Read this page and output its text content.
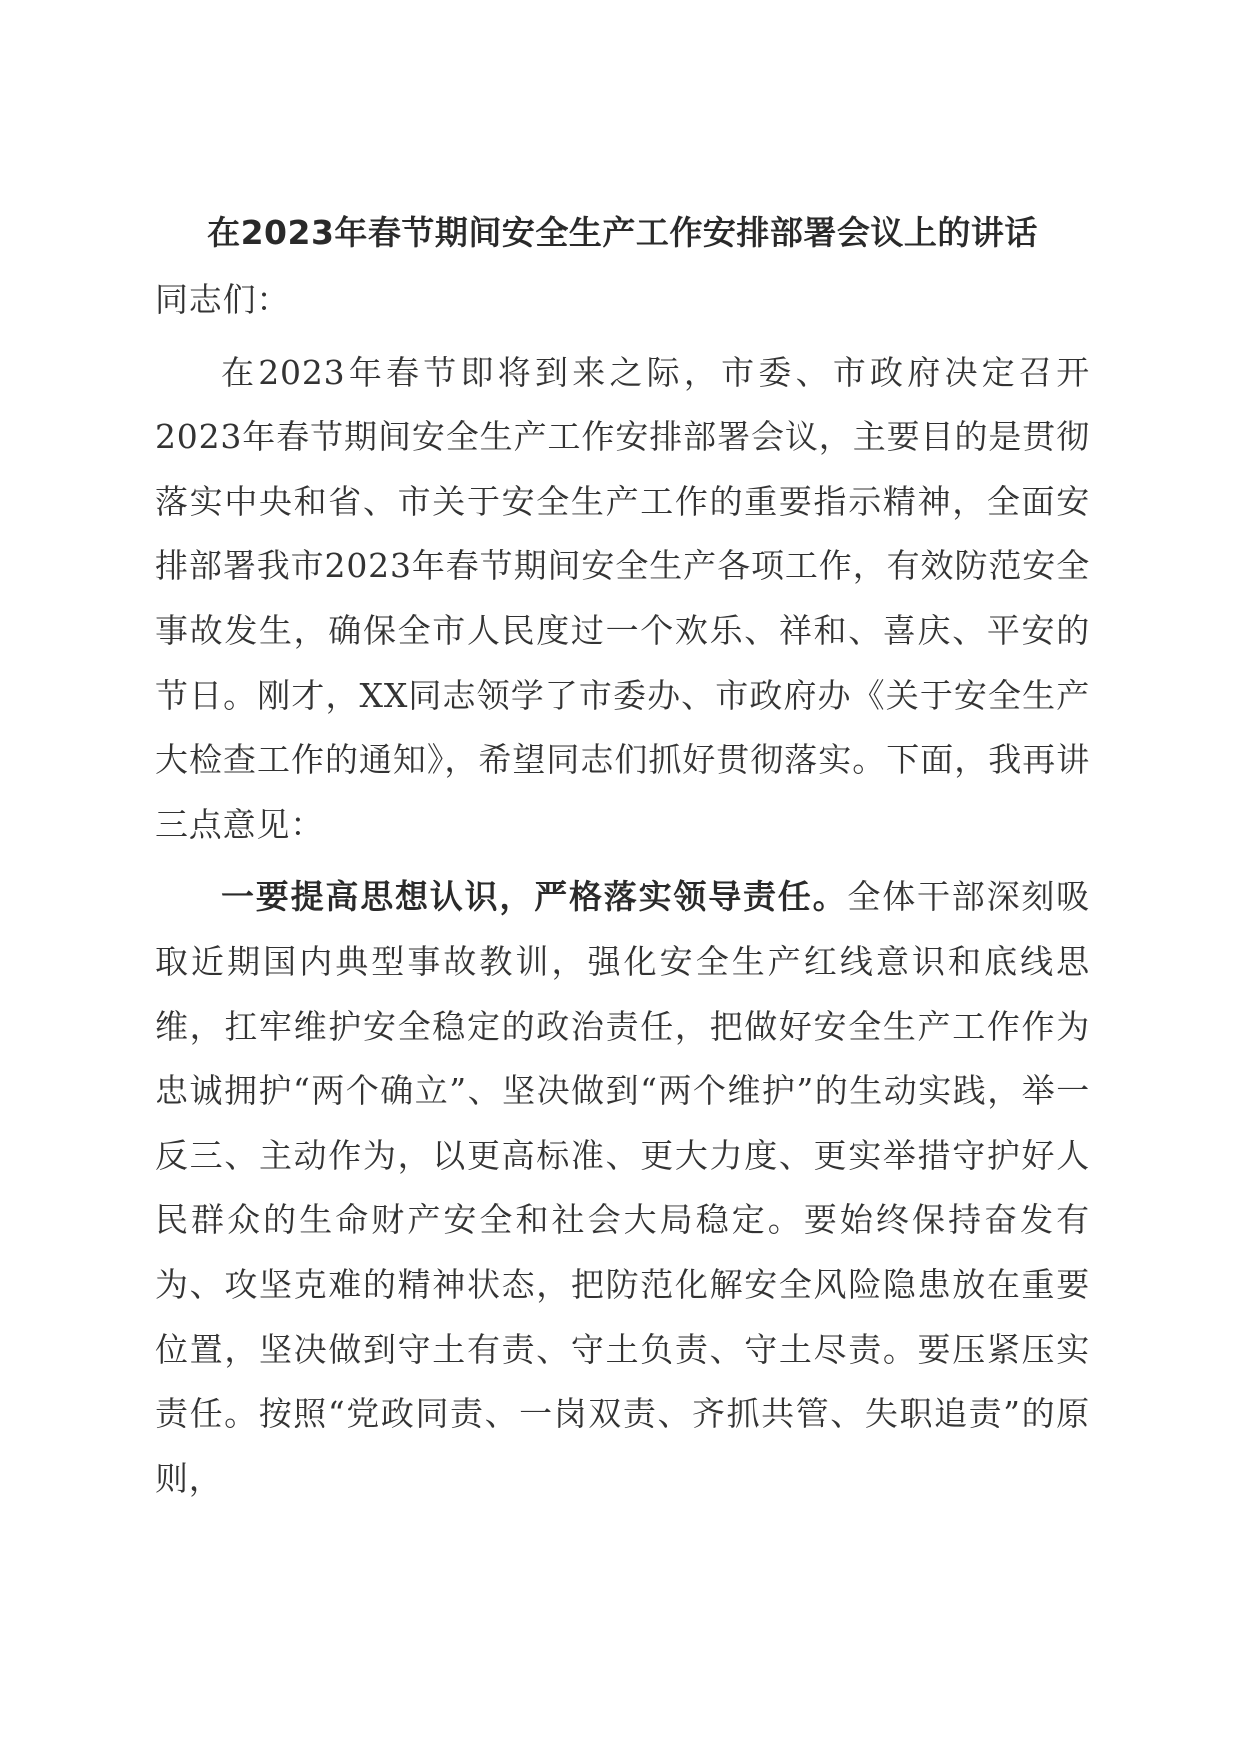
在2023年春节期间安全生产工作安排部署会议上的讲话

同志们：

在2023年春节即将到来之际，市委、市政府决定召开2023年春节期间安全生产工作安排部署会议，主要目的是贯彻落实中央和省、市关于安全生产工作的重要指示精神，全面安排部署我市2023年春节期间安全生产各项工作，有效防范安全事故发生，确保全市人民度过一个欢乐、祥和、喜庆、平安的节日。刚才，XX同志领学了市委办、市政府办《关于安全生产大检查工作的通知》，希望同志们抓好贯彻落实。下面，我再讲三点意见：

一要提高思想认识，严格落实领导责任。全体干部深刻吸取近期国内典型事故教训，强化安全生产红线意识和底线思维，扛牢维护安全稳定的政治责任，把做好安全生产工作作为忠诚拥护“两个确立”、坚决做到“两个维护”的生动实践，举一反三、主动作为，以更高标准、更大力度、更实举措守护好人民群众的生命财产安全和社会大局稳定。要始终保持奋发有为、攻坚克难的精神状态，把防范化解安全风险隐患放在重要位置，坚决做到守土有责、守土负责、守土尽责。要压紧压实责任。按照“党政同责、一岗双责、齐抓共管、失职追责”的原则，
